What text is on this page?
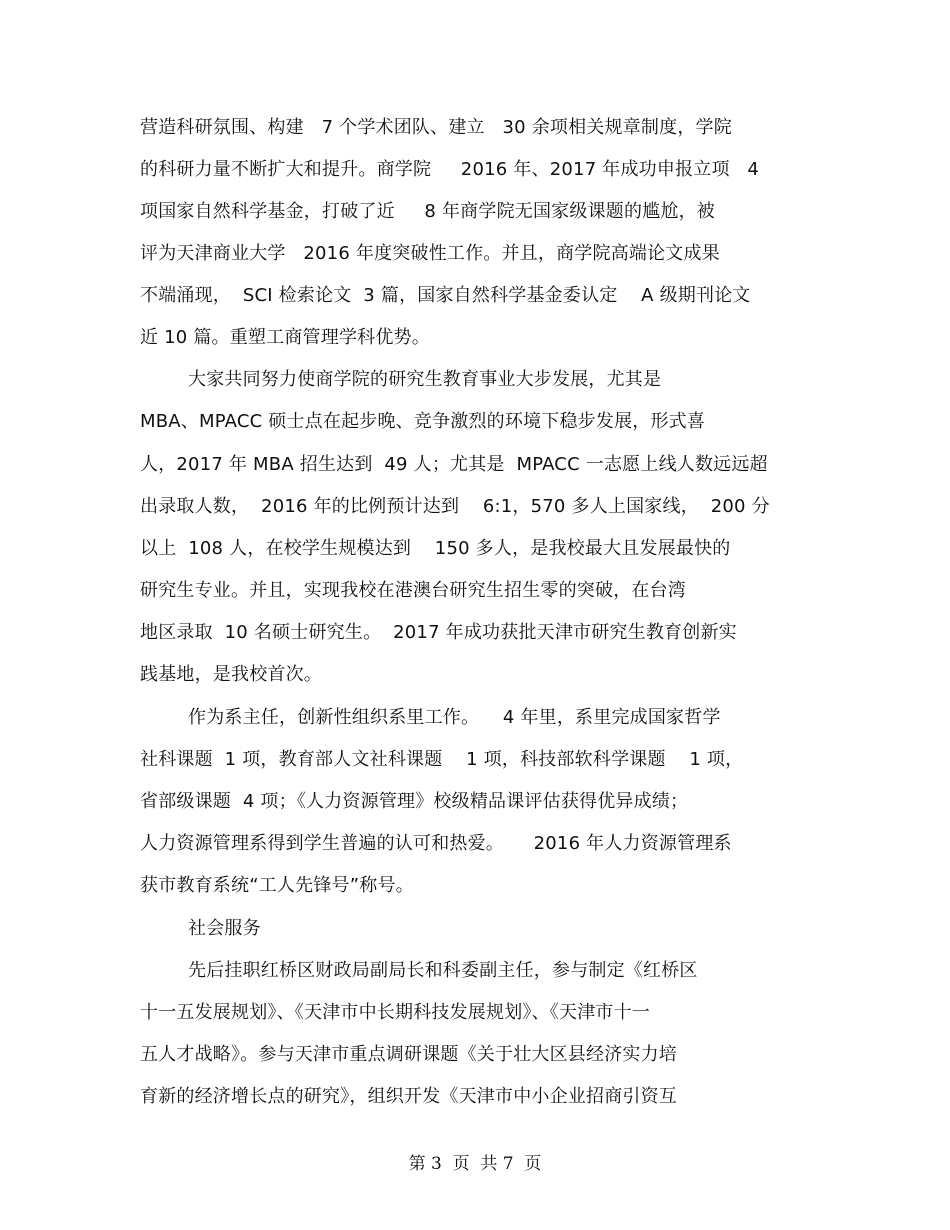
营造科研氛围、构建   7 个学术团队、建立   30 余项相关规章制度，学院
的科研力量不断扩大和提升。商学院     2016 年、2017 年成功申报立项   4
项国家自然科学基金，打破了近     8 年商学院无国家级课题的尴尬，被
评为天津商业大学   2016 年度突破性工作。并且，商学院高端论文成果
不端涌现，  SCI 检索论文  3 篇，国家自然科学基金委认定    A 级期刊论文
近 10 篇。重塑工商管理学科优势。
大家共同努力使商学院的研究生教育事业大步发展，尤其是
MBA、MPACC 硕士点在起步晚、竞争激烈的环境下稳步发展，形式喜
人，2017 年 MBA 招生达到  49 人；尤其是  MPACC 一志愿上线人数远远超
出录取人数，  2016 年的比例预计达到    6:1，570 多人上国家线，  200 分
以上  108 人，在校学生规模达到    150 多人，是我校最大且发展最快的
研究生专业。并且，实现我校在港澳台研究生招生零的突破，在台湾
地区录取  10 名硕士研究生。  2017 年成功获批天津市研究生教育创新实
践基地，是我校首次。
作为系主任，创新性组织系里工作。    4 年里，系里完成国家哲学
社科课题  1 项，教育部人文社科课题    1 项，科技部软科学课题    1 项，
省部级课题  4 项；《人力资源管理》校级精品课评估获得优异成绩；
人力资源管理系得到学生普遍的认可和热爱。     2016 年人力资源管理系
获市教育系统“工人先锋号”称号。
社会服务
先后挂职红桥区财政局副局长和科委副主任，参与制定《红桥区
十一五发展规划》、《天津市中长期科技发展规划》、《天津市十一
五人才战略》。参与天津市重点调研课题《关于壮大区县经济实力培
育新的经济增长点的研究》，组织开发《天津市中小企业招商引资互
第 3  页  共 7  页
